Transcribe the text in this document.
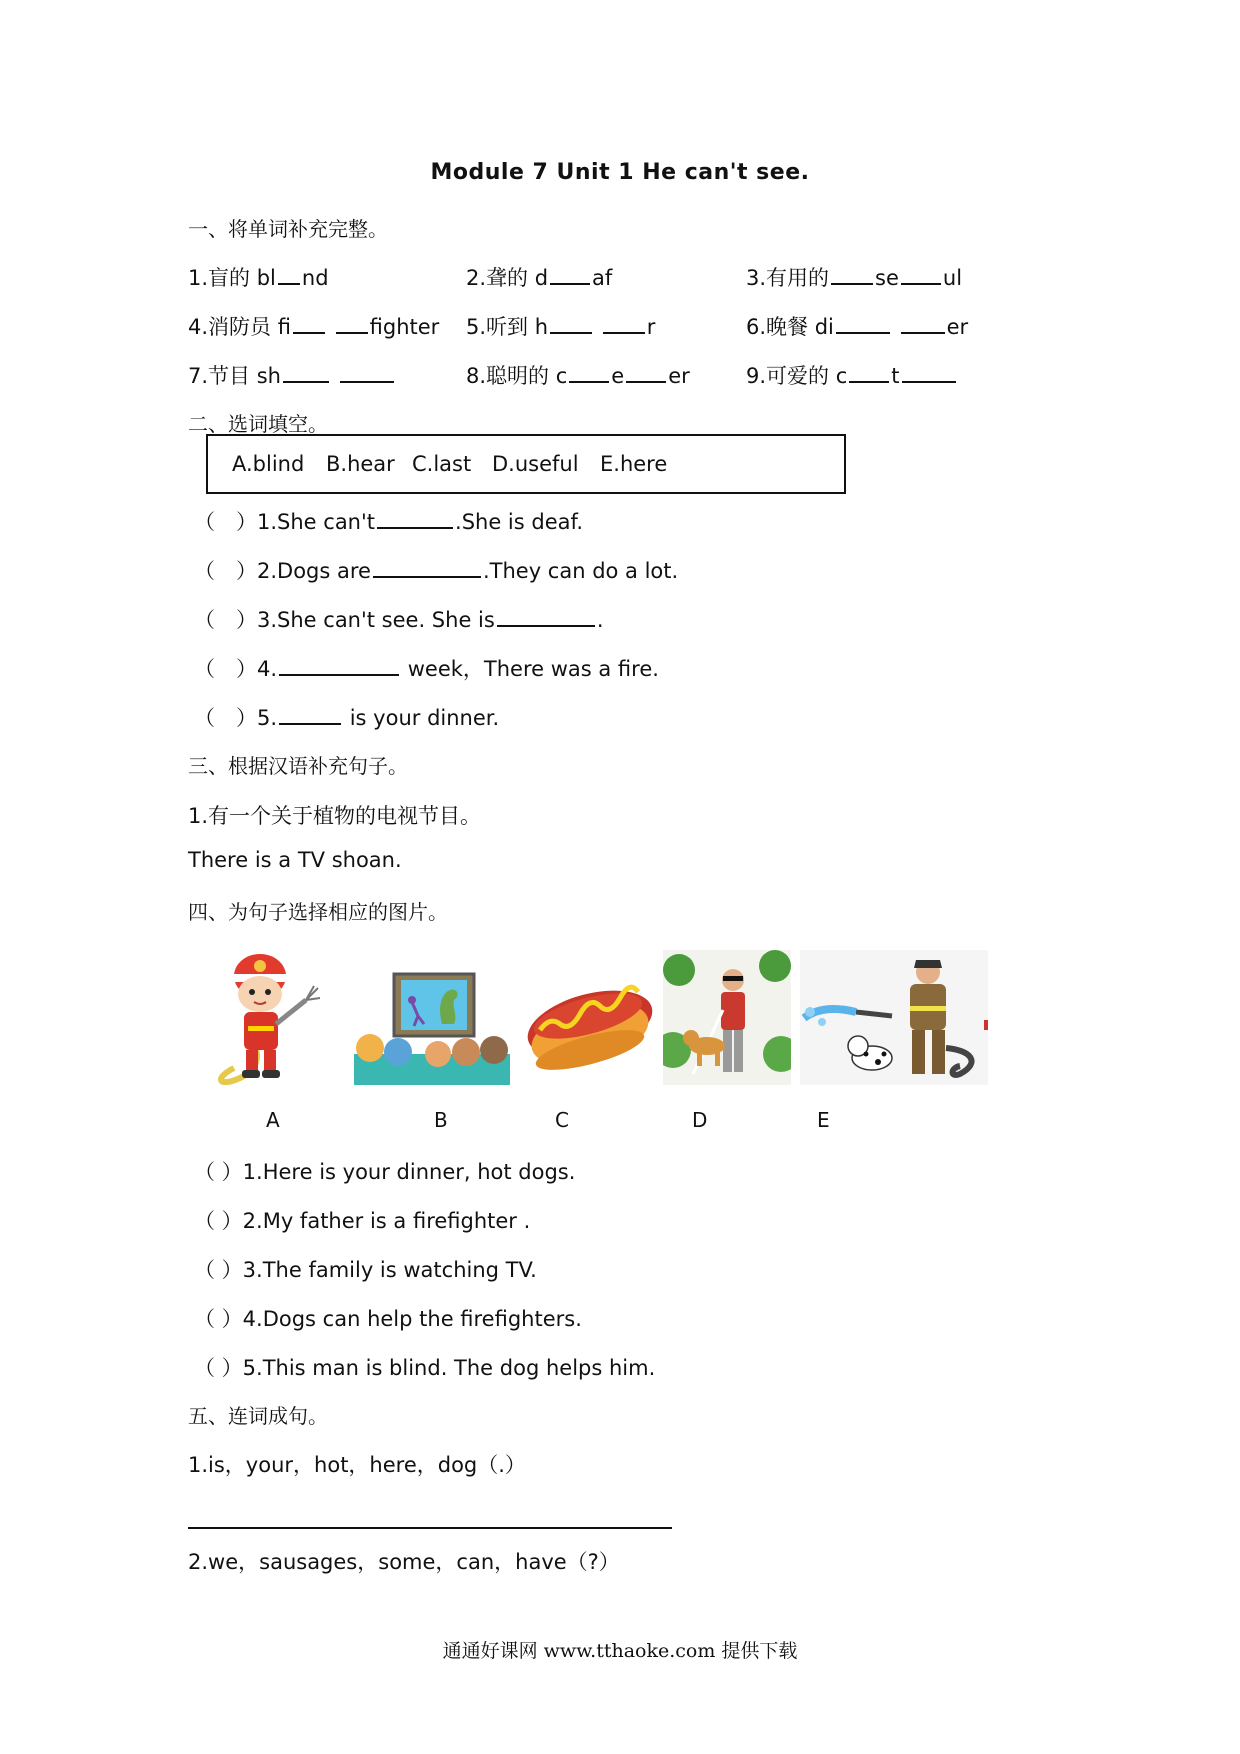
Module 7 Unit 1 He can't see.
一、将单词补充完整。
1.盲的 bl nd	2.聋的 d af	3.有用的 se ul
4.消防员 fi	fighter 5.听到 h	r	6.晚餐 di	er
7.节目 sh	8.聪明的 c e er	9.可爱的 c t
二、选词填空。
A.blind B.hear C.last D.useful E.here
（　）1.She can't	.She is deaf.
（　）2.Dogs are	.They can do a lot.
（　）3.She can't see. She is	.
（　）4.	week，There was a fire.
（　）5.	is your dinner.
三、根据汉语补充句子。
1.有一个关于植物的电视节目。
There is a TV shoan.
四、为句子选择相应的图片。
A	B	C	D	E
（ ）1.Here is your dinner, hot dogs.
（ ）2.My father is a firefighter .
（ ）3.The family is watching TV.
（ ）4.Dogs can help the firefighters.
（ ）5.This man is blind. The dog helps him.
五、连词成句。
1.is，your，hot，here，dog（.）
2.we，sausages，some，can，have（?）
通通好课网 www.tthaoke.com 提供下载
